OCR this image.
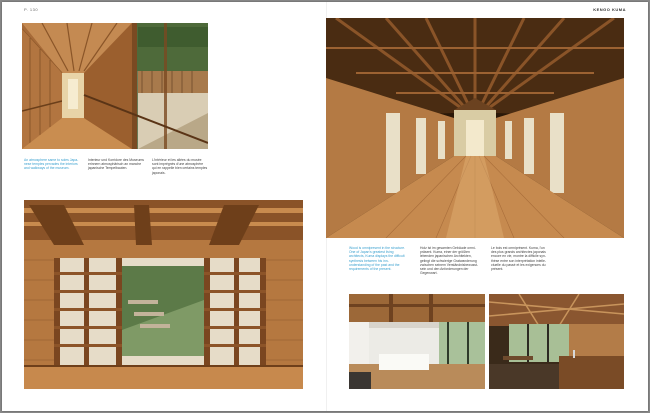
P. 130	KENGO KUMA

An atmosphere same to soles Japa- nese temples pervades the interiors and walkways of the museum.

Interieur und Korridore des Museums erinnern atmosphärisch an manche japanische Tempelbauten.

L'intérieur et les allées du musée sont imprégnés d'une atmosphère qui en rappelle bien certains temples japonais.

Wood is omnipresent in the structure. One of Japan's greatest living architects, Kuma displays the difficult synthesis between his inn- understanding of the past and the requirements of the present.

Holz ist im gesamten Gebäude omni- präsent. Kuma, einer der größten lebenden japanischen Architekten, gelingt die schwierige Gratwanderung zwischen seinem Verständnisbewusst- sein und den Anforderungen der Gegenwart.

Le bois est omniprésent. Kuma, l'un des plus grands architectes japonais encore en vie, montre la difficile syn- thèse entre son interprétation intelle- ctuelle du passé et les exigences du présent.
